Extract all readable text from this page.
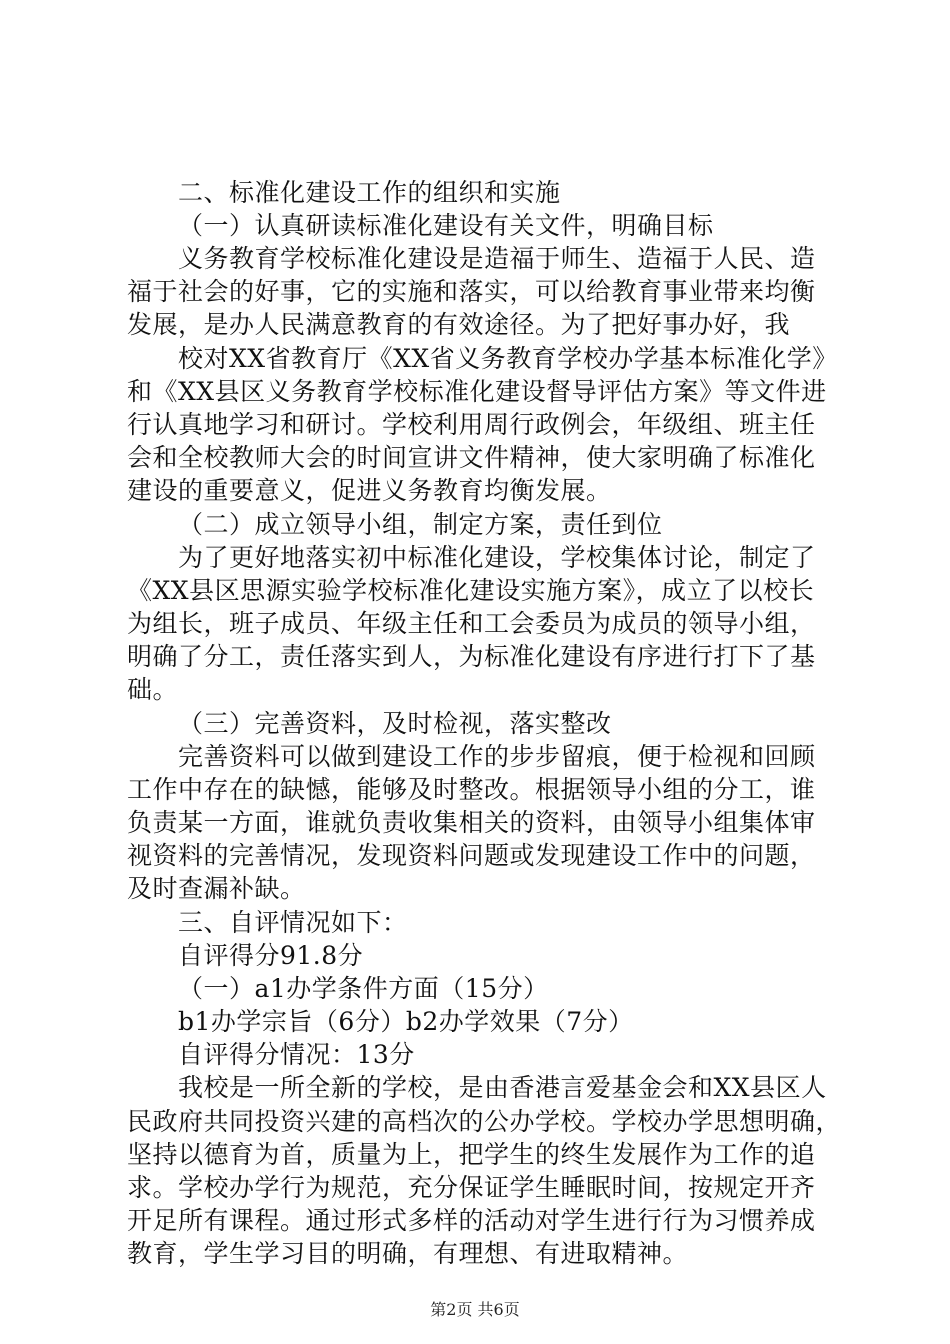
二、标准化建设工作的组织和实施
（一）认真研读标准化建设有关文件，明确目标
义务教育学校标准化建设是造福于师生、造福于人民、造
福于社会的好事，它的实施和落实，可以给教育事业带来均衡
发展，是办人民满意教育的有效途径。为了把好事办好，我
校对XX省教育厅《XX省义务教育学校办学基本标准化学》
和《XX县区义务教育学校标准化建设督导评估方案》等文件进
行认真地学习和研讨。学校利用周行政例会，年级组、班主任
会和全校教师大会的时间宣讲文件精神，使大家明确了标准化
建设的重要意义，促进义务教育均衡发展。
（二）成立领导小组，制定方案，责任到位
为了更好地落实初中标准化建设，学校集体讨论，制定了
《XX县区思源实验学校标准化建设实施方案》，成立了以校长
为组长，班子成员、年级主任和工会委员为成员的领导小组，
明确了分工，责任落实到人，为标准化建设有序进行打下了基
础。
（三）完善资料，及时检视，落实整改
完善资料可以做到建设工作的步步留痕，便于检视和回顾
工作中存在的缺憾，能够及时整改。根据领导小组的分工，谁
负责某一方面，谁就负责收集相关的资料，由领导小组集体审
视资料的完善情况，发现资料问题或发现建设工作中的问题，
及时查漏补缺。
三、自评情况如下：
自评得分91.8分
（一）a1办学条件方面（15分）
b1办学宗旨（6分）b2办学效果（7分）
自评得分情况：13分
我校是一所全新的学校，是由香港言爱基金会和XX县区人
民政府共同投资兴建的高档次的公办学校。学校办学思想明确，
坚持以德育为首，质量为上，把学生的终生发展作为工作的追
求。学校办学行为规范，充分保证学生睡眠时间，按规定开齐
开足所有课程。通过形式多样的活动对学生进行行为习惯养成
教育，学生学习目的明确，有理想、有进取精神。
第2页 共6页
